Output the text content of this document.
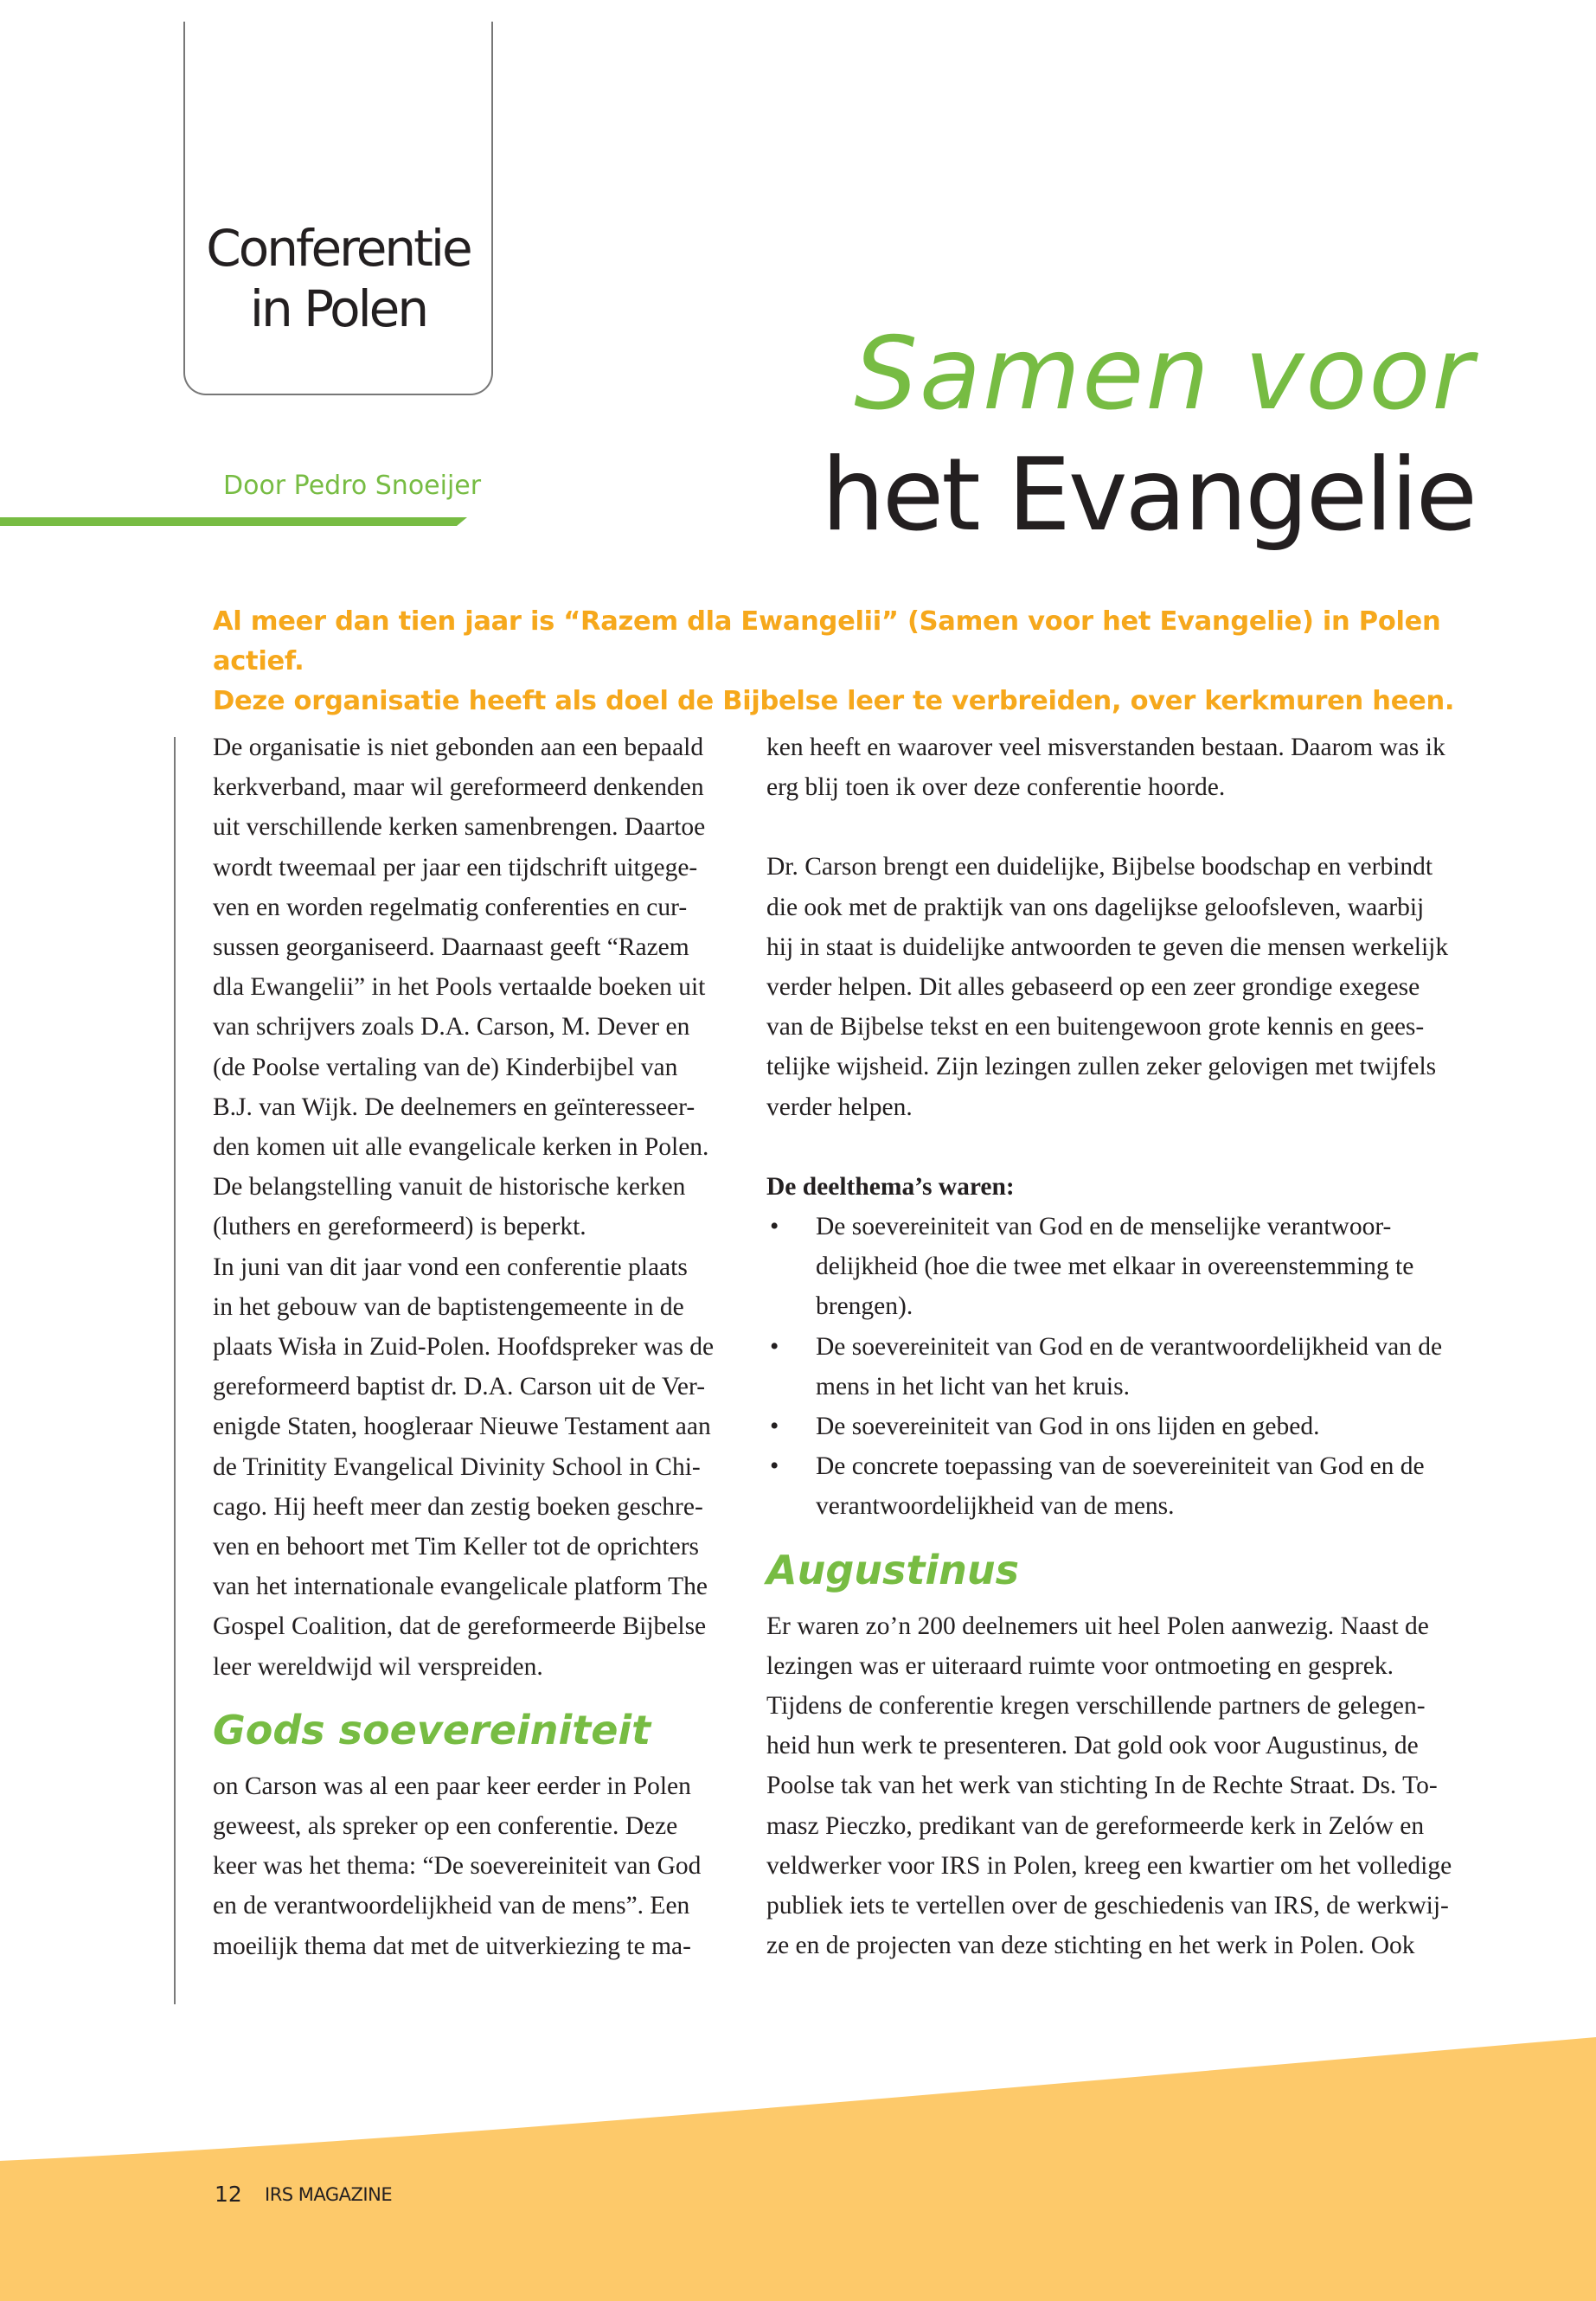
Conferentie
in Polen
Door Pedro Snoeijer
Samen voor
het Evangelie

Al meer dan tien jaar is “Razem dla Ewangelii” (Samen voor het Evangelie) in Polen actief.
Deze organisatie heeft als doel de Bijbelse leer te verbreiden, over kerkmuren heen.

De organisatie is niet gebonden aan een bepaald
kerkverband, maar wil gereformeerd denkenden
uit verschillende kerken samenbrengen. Daartoe
wordt tweemaal per jaar een tijdschrift uitgege-
ven en worden regelmatig conferenties en cur-
sussen georganiseerd. Daarnaast geeft “Razem
dla Ewangelii” in het Pools vertaalde boeken uit
van schrijvers zoals D.A. Carson, M. Dever en
(de Poolse vertaling van de) Kinderbijbel van
B.J. van Wijk. De deelnemers en geïnteresseer-
den komen uit alle evangelicale kerken in Polen.
De belangstelling vanuit de historische kerken
(luthers en gereformeerd) is beperkt.
In juni van dit jaar vond een conferentie plaats
in het gebouw van de baptistengemeente in de
plaats Wisła in Zuid-Polen. Hoofdspreker was de
gereformeerd baptist dr. D.A. Carson uit de Ver-
enigde Staten, hoogleraar Nieuwe Testament aan
de Trinitity Evangelical Divinity School in Chi-
cago. Hij heeft meer dan zestig boeken geschre-
ven en behoort met Tim Keller tot de oprichters
van het internationale evangelicale platform The
Gospel Coalition, dat de gereformeerde Bijbelse
leer wereldwijd wil verspreiden.

Gods soevereiniteit

on Carson was al een paar keer eerder in Polen
geweest, als spreker op een conferentie. Deze
keer was het thema: “De soevereiniteit van God
en de verantwoordelijkheid van de mens”. Een
moeilijk thema dat met de uitverkiezing te ma-

ken heeft en waarover veel misverstanden bestaan. Daarom was ik
erg blij toen ik over deze conferentie hoorde.

Dr. Carson brengt een duidelijke, Bijbelse boodschap en verbindt
die ook met de praktijk van ons dagelijkse geloofsleven, waarbij
hij in staat is duidelijke antwoorden te geven die mensen werkelijk
verder helpen. Dit alles gebaseerd op een zeer grondige exegese
van de Bijbelse tekst en een buitengewoon grote kennis en gees-
telijke wijsheid. Zijn lezingen zullen zeker gelovigen met twijfels
verder helpen.

De deelthema’s waren:

• De soevereiniteit van God en de menselijke verantwoor-
delijkheid (hoe die twee met elkaar in overeenstemming te
brengen).
• De soevereiniteit van God en de verantwoordelijkheid van de
mens in het licht van het kruis.
• De soevereiniteit van God in ons lijden en gebed.
• De concrete toepassing van de soevereiniteit van God en de
verantwoordelijkheid van de mens.
Augustinus

Er waren zo’n 200 deelnemers uit heel Polen aanwezig. Naast de
lezingen was er uiteraard ruimte voor ontmoeting en gesprek.
Tijdens de conferentie kregen verschillende partners de gelegen-
heid hun werk te presenteren. Dat gold ook voor Augustinus, de
Poolse tak van het werk van stichting In de Rechte Straat. Ds. To-
masz Pieczko, predikant van de gereformeerde kerk in Zelów en
veldwerker voor IRS in Polen, kreeg een kwartier om het volledige
publiek iets te vertellen over de geschiedenis van IRS, de werkwij-
ze en de projecten van deze stichting en het werk in Polen. Ook

12 IRS MAGAZINE
